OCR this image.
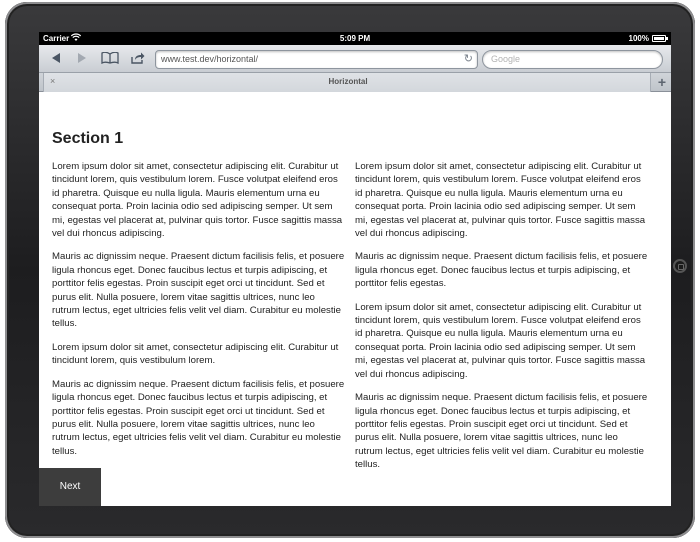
Carrier	5:09 PM	100%
www.test.dev/horizontal/	↻	Google
×	Horizontal	+
Section 1

Lorem ipsum dolor sit amet, consectetur adipiscing elit. Curabitur ut tincidunt lorem, quis vestibulum lorem. Fusce volutpat eleifend eros id pharetra. Quisque eu nulla ligula. Mauris elementum urna eu consequat porta. Proin lacinia odio sed adipiscing semper. Ut sem mi, egestas vel placerat at, pulvinar quis tortor. Fusce sagittis massa vel dui rhoncus adipiscing.

Mauris ac dignissim neque. Praesent dictum facilisis felis, et posuere ligula rhoncus eget. Donec faucibus lectus et turpis adipiscing, et porttitor felis egestas. Proin suscipit eget orci ut tincidunt. Sed et purus elit. Nulla posuere, lorem vitae sagittis ultrices, nunc leo rutrum lectus, eget ultricies felis velit vel diam. Curabitur eu molestie tellus.

Lorem ipsum dolor sit amet, consectetur adipiscing elit. Curabitur ut tincidunt lorem, quis vestibulum lorem.

Mauris ac dignissim neque. Praesent dictum facilisis felis, et posuere ligula rhoncus eget. Donec faucibus lectus et turpis adipiscing, et porttitor felis egestas. Proin suscipit eget orci ut tincidunt. Sed et purus elit. Nulla posuere, lorem vitae sagittis ultrices, nunc leo rutrum lectus, eget ultricies felis velit vel diam. Curabitur eu molestie tellus.

Lorem ipsum dolor sit amet, consectetur adipiscing elit. Curabitur ut tincidunt lorem, quis vestibulum lorem. Fusce volutpat eleifend eros id pharetra. Quisque eu nulla ligula. Mauris elementum urna eu consequat porta. Proin lacinia odio sed adipiscing semper. Ut sem mi, egestas vel placerat at, pulvinar quis tortor. Fusce sagittis massa vel dui rhoncus adipiscing.

Mauris ac dignissim neque. Praesent dictum facilisis felis, et posuere ligula rhoncus eget. Donec faucibus lectus et turpis adipiscing, et porttitor felis egestas.

Lorem ipsum dolor sit amet, consectetur adipiscing elit. Curabitur ut tincidunt lorem, quis vestibulum lorem. Fusce volutpat eleifend eros id pharetra. Quisque eu nulla ligula. Mauris elementum urna eu consequat porta. Proin lacinia odio sed adipiscing semper. Ut sem mi, egestas vel placerat at, pulvinar quis tortor. Fusce sagittis massa vel dui rhoncus adipiscing.

Mauris ac dignissim neque. Praesent dictum facilisis felis, et posuere ligula rhoncus eget. Donec faucibus lectus et turpis adipiscing, et porttitor felis egestas. Proin suscipit eget orci ut tincidunt. Sed et purus elit. Nulla posuere, lorem vitae sagittis ultrices, nunc leo rutrum lectus, eget ultricies felis velit vel diam. Curabitur eu molestie tellus.

Next
